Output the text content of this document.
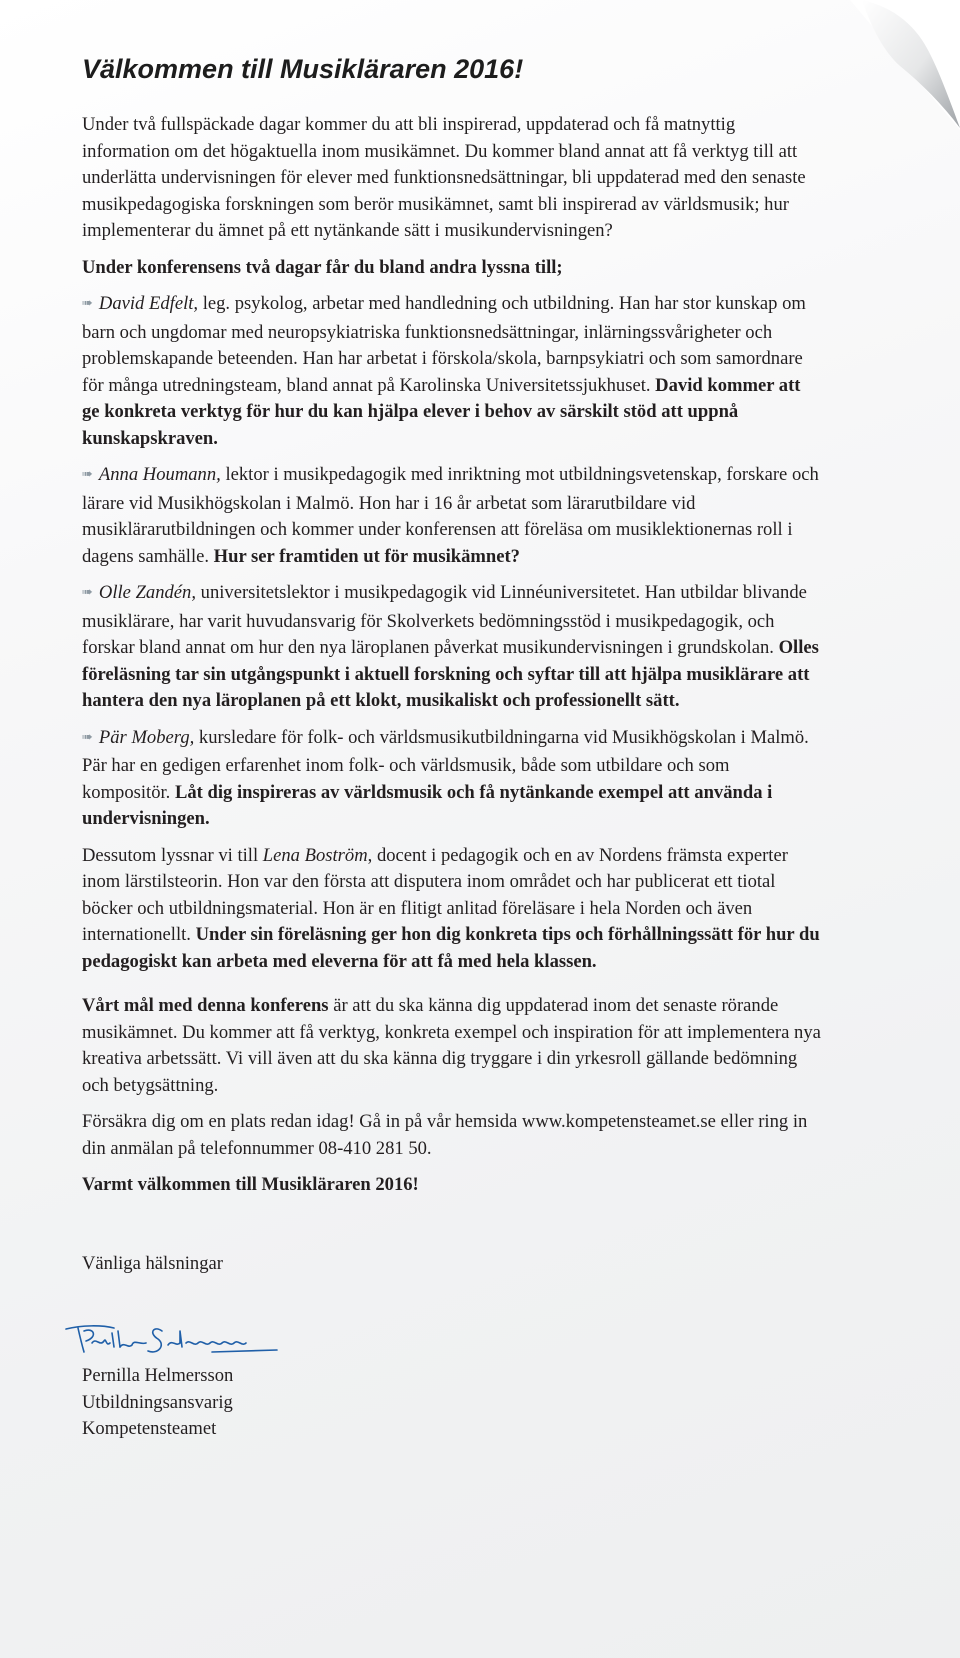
Välkommen till Musikläraren 2016!

Under två fullspäckade dagar kommer du att bli inspirerad, uppdaterad och få matnyttig information om det högaktuella inom musikämnet. Du kommer bland annat att få verktyg till att underlätta undervisningen för elever med funktionsnedsättningar, bli uppdaterad med den senaste musikpedagogiska forskningen som berör musikämnet, samt bli inspirerad av världsmusik; hur implementerar du ämnet på ett nytänkande sätt i musikundervisningen?

Under konferensens två dagar får du bland andra lyssna till;

➠ David Edfelt, leg. psykolog, arbetar med handledning och utbildning. Han har stor kunskap om barn och ungdomar med neuropsykiatriska funktionsnedsättningar, inlärningssvårigheter och problemskapande beteenden. Han har arbetat i förskola/skola, barnpsykiatri och som samordnare för många utredningsteam, bland annat på Karolinska Universitetssjukhuset. David kommer att ge konkreta verktyg för hur du kan hjälpa elever i behov av särskilt stöd att uppnå kunskapskraven.

➠ Anna Houmann, lektor i musikpedagogik med inriktning mot utbildningsvetenskap, forskare och lärare vid Musikhögskolan i Malmö. Hon har i 16 år arbetat som lärarutbildare vid musiklärarutbildningen och kommer under konferensen att föreläsa om musiklektionernas roll i dagens samhälle. Hur ser framtiden ut för musikämnet?

➠ Olle Zandén, universitetslektor i musikpedagogik vid Linnéuniversitetet. Han utbildar blivande musiklärare, har varit huvudansvarig för Skolverkets bedömningsstöd i musikpedagogik, och forskar bland annat om hur den nya läroplanen påverkat musikundervisningen i grundskolan. Olles föreläsning tar sin utgångspunkt i aktuell forskning och syftar till att hjälpa musiklärare att hantera den nya läroplanen på ett klokt, musikaliskt och professionellt sätt.

➠ Pär Moberg, kursledare för folk- och världsmusikutbildningarna vid Musikhögskolan i Malmö. Pär har en gedigen erfarenhet inom folk- och världsmusik, både som utbildare och som kompositör. Låt dig inspireras av världsmusik och få nytänkande exempel att använda i undervisningen.

Dessutom lyssnar vi till Lena Boström, docent i pedagogik och en av Nordens främsta experter inom lärstilsteorin. Hon var den första att disputera inom området och har publicerat ett tiotal böcker och utbildningsmaterial. Hon är en flitigt anlitad föreläsare i hela Norden och även internationellt. Under sin föreläsning ger hon dig konkreta tips och förhållningssätt för hur du pedagogiskt kan arbeta med eleverna för att få med hela klassen.

Vårt mål med denna konferens är att du ska känna dig uppdaterad inom det senaste rörande musikämnet. Du kommer att få verktyg, konkreta exempel och inspiration för att implementera nya kreativa arbetssätt. Vi vill även att du ska känna dig tryggare i din yrkesroll gällande bedömning och betygsättning.

Försäkra dig om en plats redan idag! Gå in på vår hemsida www.kompetensteamet.se eller ring in din anmälan på telefonnummer 08-410 281 50.

Varmt välkommen till Musikläraren 2016!

Vänliga hälsningar

Pernilla Helmersson

Utbildningsansvarig

Kompetensteamet
